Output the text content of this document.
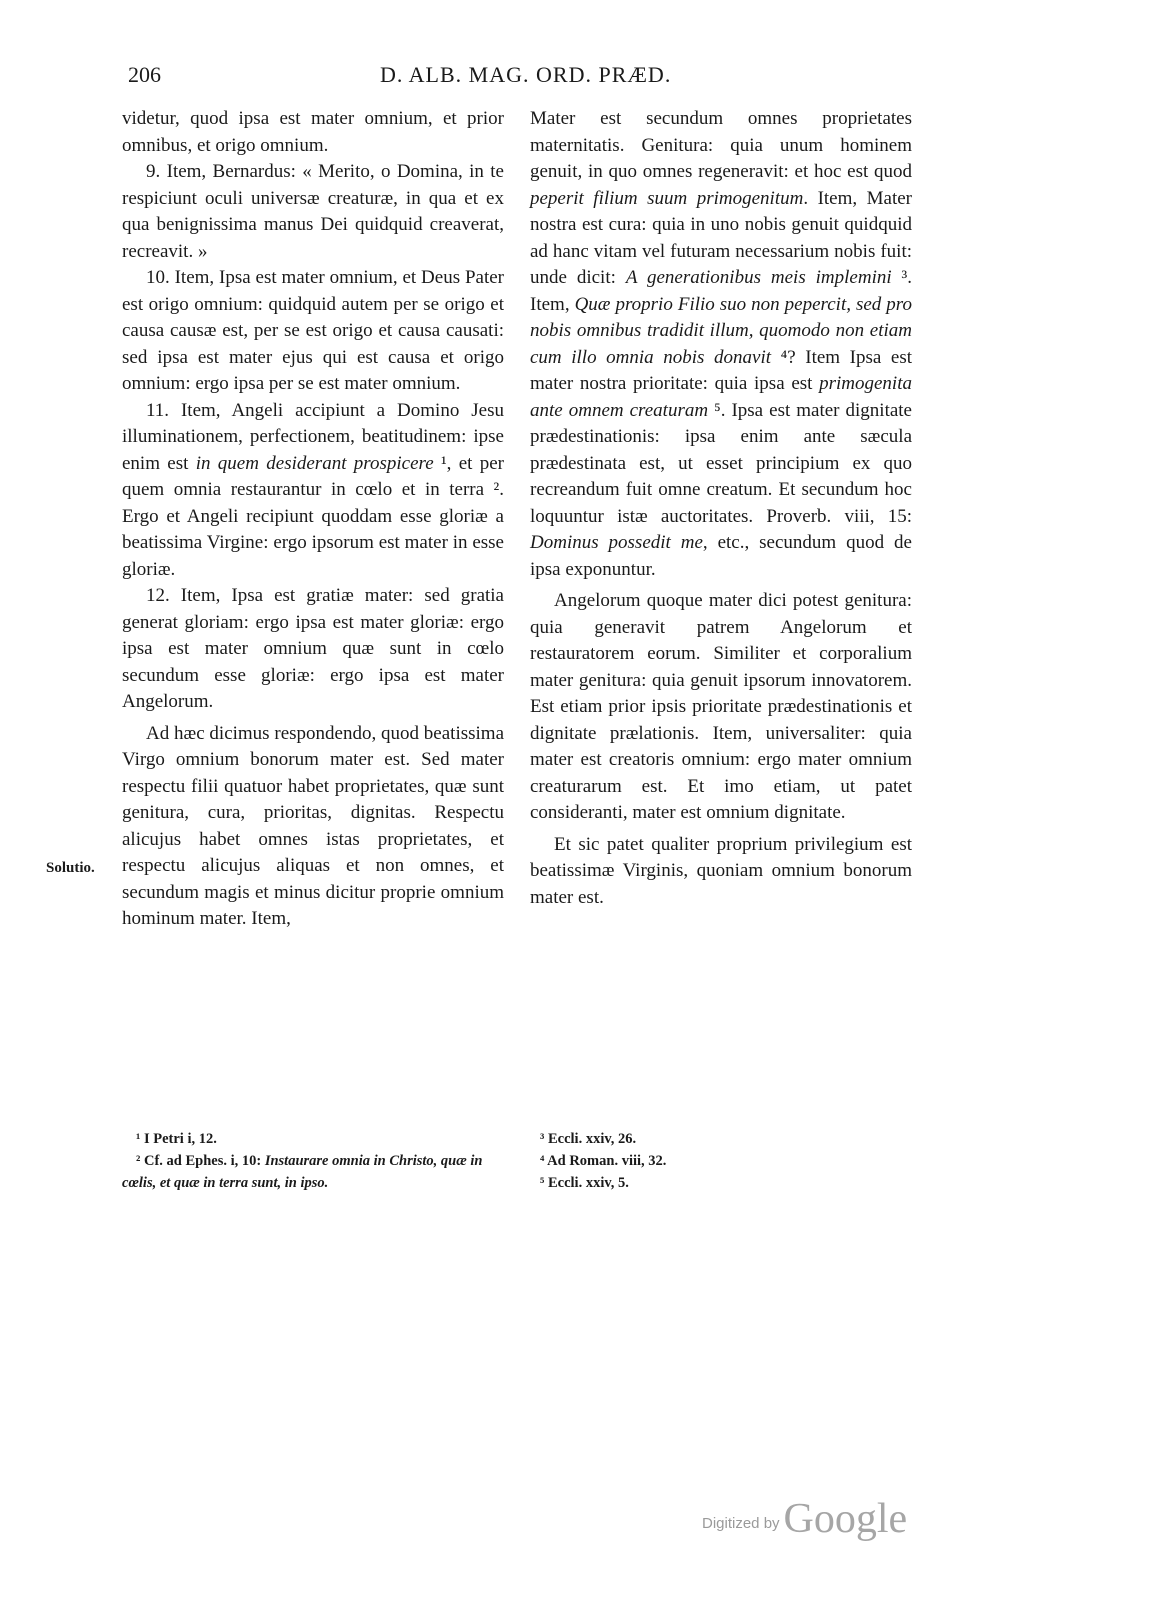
206	D. ALB. MAG. ORD. PRÆD.

videtur, quod ipsa est mater omnium, et prior omnibus, et origo omnium.

9. Item, Bernardus: « Merito, o Domina, in te respiciunt oculi universæ creaturæ, in qua et ex qua benignissima manus Dei quidquid creaverat, recreavit. »

10. Item, Ipsa est mater omnium, et Deus Pater est origo omnium: quidquid autem per se origo et causa causæ est, per se est origo et causa causati: sed ipsa est mater ejus qui est causa et origo omnium: ergo ipsa per se est mater omnium.

11. Item, Angeli accipiunt a Domino Jesu illuminationem, perfectionem, beatitudinem: ipse enim est in quem desiderant prospicere ¹, et per quem omnia restaurantur in cœlo et in terra ². Ergo et Angeli recipiunt quoddam esse gloriæ a beatissima Virgine: ergo ipsorum est mater in esse gloriæ.

12. Item, Ipsa est gratiæ mater: sed gratia generat gloriam: ergo ipsa est mater gloriæ: ergo ipsa est mater omnium quæ sunt in cœlo secundum esse gloriæ: ergo ipsa est mater Angelorum.

Ad hæc dicimus respondendo, quod beatissima Virgo omnium bonorum mater est. Sed mater respectu filii quatuor habet proprietates, quæ sunt genitura, cura, prioritas, dignitas. Respectu alicujus habet omnes istas proprietates, et respectu alicujus aliquas et non omnes, et secundum magis et minus dicitur proprie omnium hominum mater. Item,

Solutio.

Mater est secundum omnes proprietates maternitatis. Genitura: quia unum hominem genuit, in quo omnes regeneravit: et hoc est quod peperit filium suum primogenitum. Item, Mater nostra est cura: quia in uno nobis genuit quidquid ad hanc vitam vel futuram necessarium nobis fuit: unde dicit: A generationibus meis implemini ³. Item, Quæ proprio Filio suo non pepercit, sed pro nobis omnibus tradidit illum, quomodo non etiam cum illo omnia nobis donavit ⁴? Item Ipsa est mater nostra prioritate: quia ipsa est primogenita ante omnem creaturam ⁵. Ipsa est mater dignitate prædestinationis: ipsa enim ante sæcula prædestinata est, ut esset principium ex quo recreandum fuit omne creatum. Et secundum hoc loquuntur istæ auctoritates. Proverb. viii, 15: Dominus possedit me, etc., secundum quod de ipsa exponuntur.

Angelorum quoque mater dici potest genitura: quia generavit patrem Angelorum et restauratorem eorum. Similiter et corporalium mater genitura: quia genuit ipsorum innovatorem. Est etiam prior ipsis prioritate prædestinationis et dignitate prælationis. Item, universaliter: quia mater est creatoris omnium: ergo mater omnium creaturarum est. Et imo etiam, ut patet consideranti, mater est omnium dignitate.

Et sic patet qualiter proprium privilegium est beatissimæ Virginis, quoniam omnium bonorum mater est.

¹ I Petri i, 12.

² Cf. ad Ephes. i, 10: Instaurare omnia in Christo, quæ in cœlis, et quæ in terra sunt, in ipso.

³ Eccli. xxiv, 26.

⁴ Ad Roman. viii, 32.

⁵ Eccli. xxiv, 5.

Digitized byGoogle
